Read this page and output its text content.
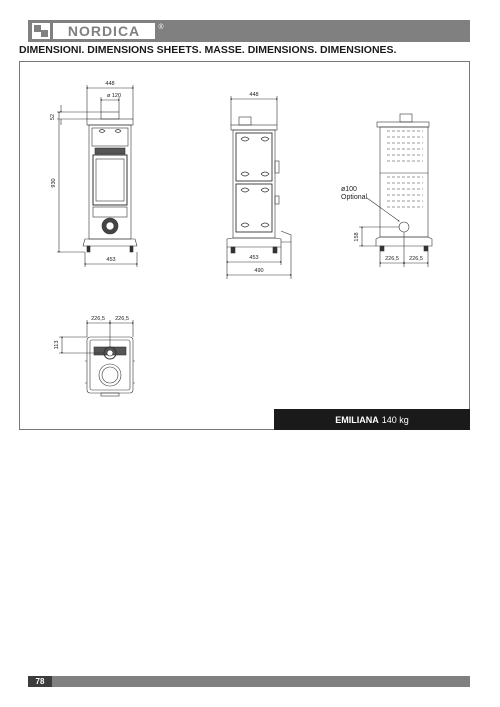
NORDICA	®
DIMENSIONI. DIMENSIONS SHEETS. MASSE. DIMENSIONS. DIMENSIONES.
448
ø 120
52
930
453
448
453
490
ø100
Optional
158
226,5 226,5
226,5 226,5
113
EMILIANA 140 kg
78
